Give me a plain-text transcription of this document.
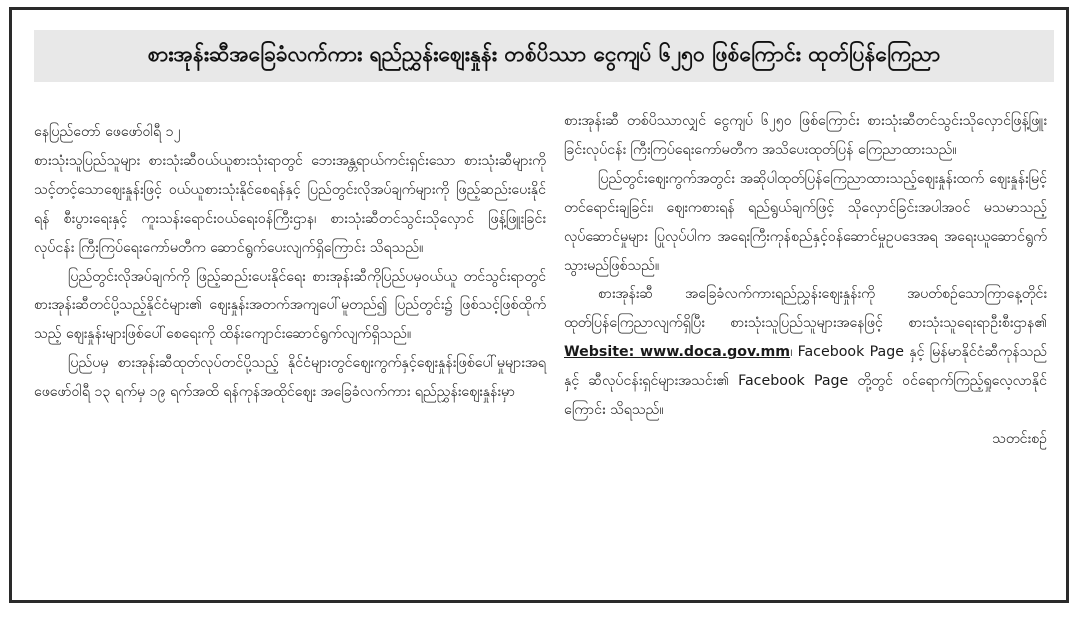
စားအုန်းဆီအခြေခံလက်ကား ရည်ညွှန်းဈေးနှုန်း တစ်ပိဿာ ငွေကျပ် ၆၂၅၀ ဖြစ်ကြောင်း ထုတ်ပြန်ကြေညာ

နေပြည်တော် ဖေဖော်ဝါရီ ၁၂

စားသုံးသူပြည်သူများ စားသုံးဆီဝယ်ယူစားသုံးရာတွင် ဘေးအန္တရာယ်ကင်းရှင်းသော စားသုံးဆီများကို သင့်တင့်သောဈေးနှုန်းဖြင့် ဝယ်ယူစားသုံးနိုင်စေရန်နှင့် ပြည်တွင်းလိုအပ်ချက်များကို ဖြည့်ဆည်းပေးနိုင်ရန် စီးပွားရေးနှင့် ကူးသန်းရောင်းဝယ်ရေးဝန်ကြီးဌာန၊ စားသုံးဆီတင်သွင်းသိုလှောင် ဖြန့်ဖြူးခြင်းလုပ်ငန်း ကြီးကြပ်ရေးကော်မတီက ဆောင်ရွက်ပေးလျက်ရှိကြောင်း သိရသည်။

ပြည်တွင်းလိုအပ်ချက်ကို ဖြည့်ဆည်းပေးနိုင်ရေး စားအုန်းဆီကိုပြည်ပမှဝယ်ယူ တင်သွင်းရာတွင် စားအုန်းဆီတင်ပို့သည့်နိုင်ငံများ၏ ဈေးနှုန်းအတက်အကျပေါ်မူတည်၍ ပြည်တွင်း၌ ဖြစ်သင့်ဖြစ်ထိုက်သည့် ဈေးနှုန်းများဖြစ်ပေါ်စေရေးကို ထိန်းကျောင်းဆောင်ရွက်လျက်ရှိသည်။

ပြည်ပမှ စားအုန်းဆီထုတ်လုပ်တင်ပို့သည့် နိုင်ငံများတွင်ဈေးကွက်နှင့်ဈေးနှုန်းဖြစ်ပေါ်မှုများအရ ဖေဖော်ဝါရီ ၁၃ ရက်မှ ၁၉ ရက်အထိ ရန်ကုန်အထိုင်ဈေး အခြေခံလက်ကား ရည်ညွှန်းဈေးနှုန်းမှာ

စားအုန်းဆီ တစ်ပိဿာလျှင် ငွေကျပ် ၆၂၅၀ ဖြစ်ကြောင်း စားသုံးဆီတင်သွင်းသိုလှောင်ဖြန့်ဖြူးခြင်းလုပ်ငန်း ကြီးကြပ်ရေးကော်မတီက အသိပေးထုတ်ပြန် ကြေညာထားသည်။

ပြည်တွင်းဈေးကွက်အတွင်း အဆိုပါထုတ်ပြန်ကြေညာထားသည့်ဈေးနှုန်းထက် ဈေးနှုန်းမြင့်တင်ရောင်းချခြင်း၊ ဈေးကစားရန် ရည်ရွယ်ချက်ဖြင့် သိုလှောင်ခြင်းအပါအဝင် မသမာသည့် လုပ်ဆောင်မှုများ ပြုလုပ်ပါက အရေးကြီးကုန်စည်နှင့်ဝန်ဆောင်မှုဥပဒေအရ အရေးယူဆောင်ရွက်သွားမည်ဖြစ်သည်။

စားအုန်းဆီ အခြေခံလက်ကားရည်ညွှန်းဈေးနှုန်းကို အပတ်စဉ်သောကြာနေ့တိုင်း ထုတ်ပြန်ကြေညာလျက်ရှိပြီး စားသုံးသူပြည်သူများအနေဖြင့် စားသုံးသူရေးရာဦးစီးဌာန၏ Website: www.doca.gov.mm၊ Facebook Page နှင့် မြန်မာနိုင်ငံဆီကုန်သည်နှင့် ဆီလုပ်ငန်းရှင်များအသင်း၏ Facebook Page တို့တွင် ဝင်ရောက်ကြည့်ရှုလေ့လာနိုင်ကြောင်း သိရသည်။

သတင်းစဉ်
